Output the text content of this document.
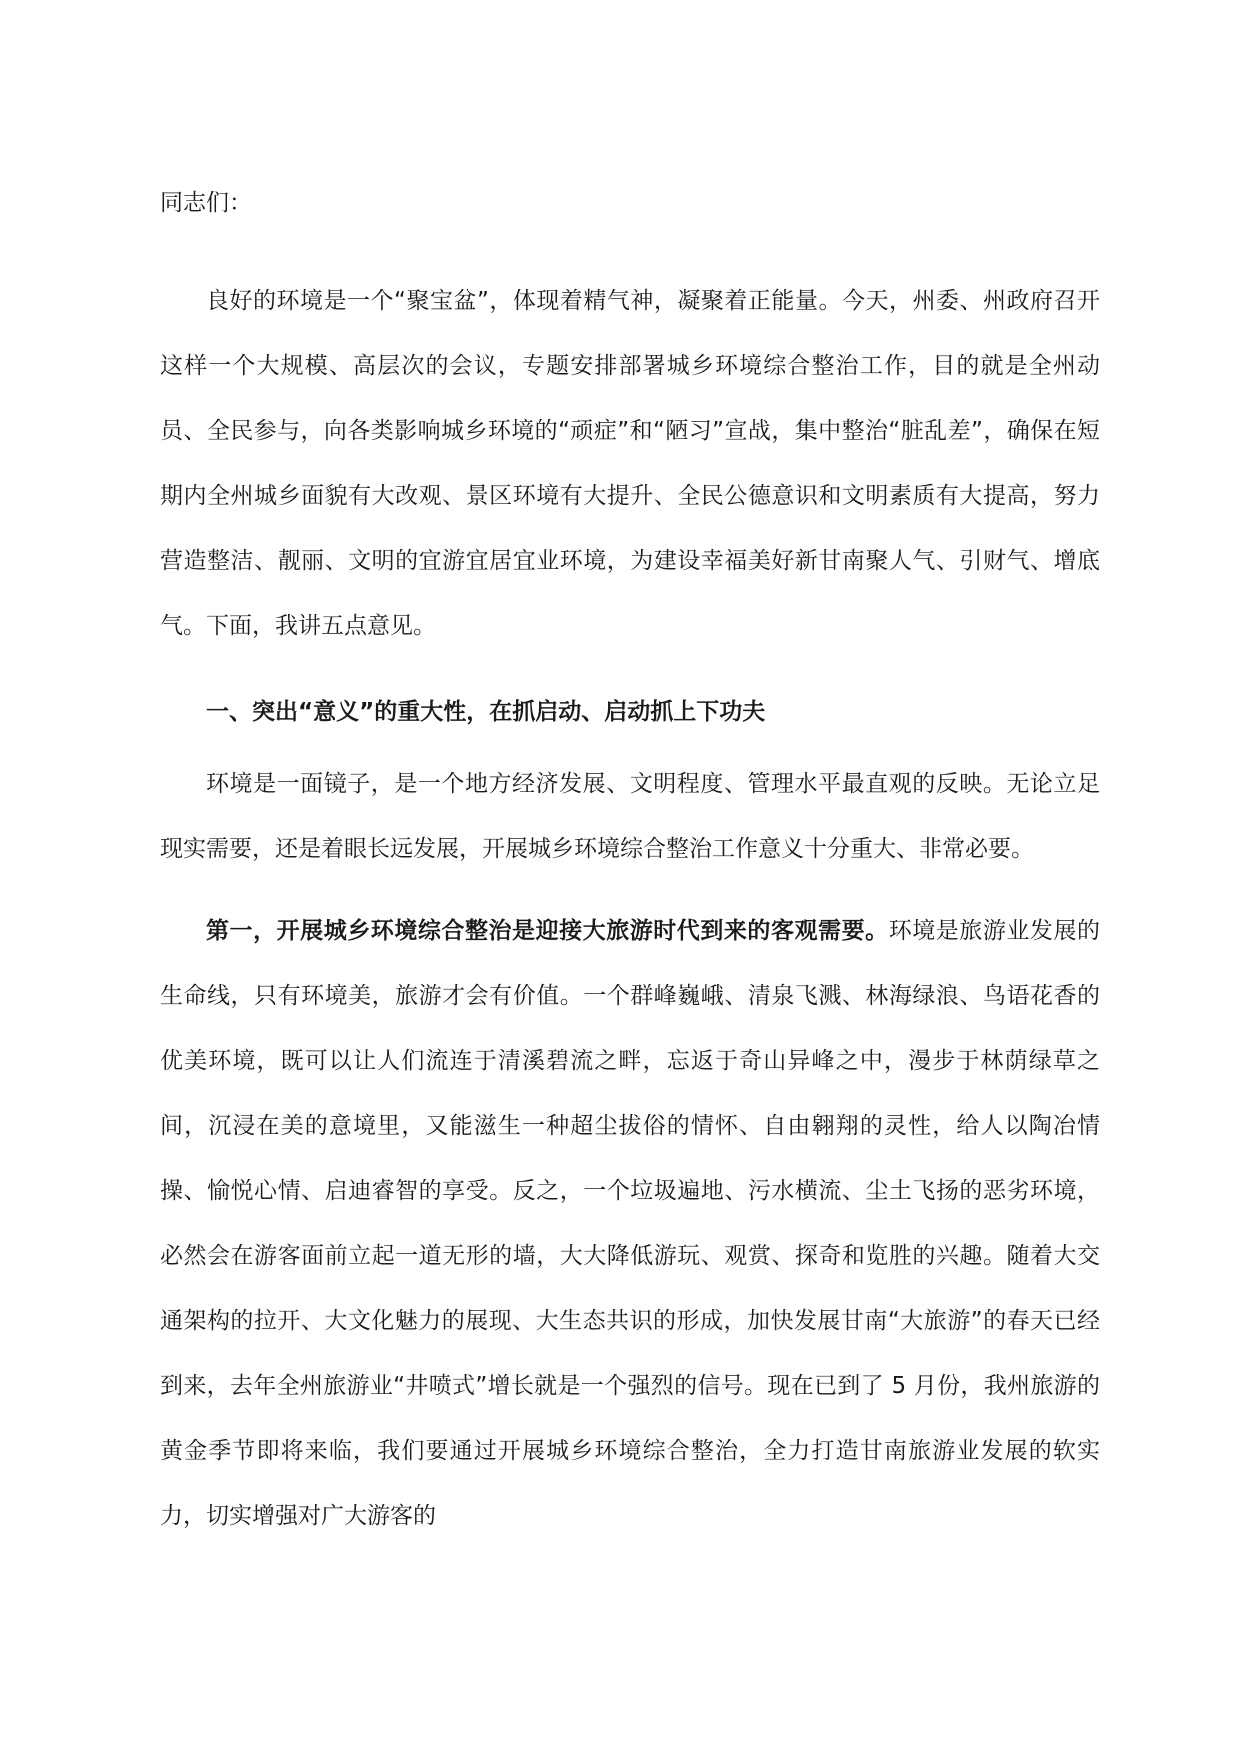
同志们：

良好的环境是一个“聚宝盆”，体现着精气神，凝聚着正能量。今天，州委、州政府召开这样一个大规模、高层次的会议，专题安排部署城乡环境综合整治工作，目的就是全州动员、全民参与，向各类影响城乡环境的“顽症”和“陋习”宣战，集中整治“脏乱差”，确保在短期内全州城乡面貌有大改观、景区环境有大提升、全民公德意识和文明素质有大提高，努力营造整洁、靓丽、文明的宜游宜居宜业环境，为建设幸福美好新甘南聚人气、引财气、增底气。下面，我讲五点意见。

一、突出“意义”的重大性，在抓启动、启动抓上下功夫

环境是一面镜子，是一个地方经济发展、文明程度、管理水平最直观的反映。无论立足现实需要，还是着眼长远发展，开展城乡环境综合整治工作意义十分重大、非常必要。

第一，开展城乡环境综合整治是迎接大旅游时代到来的客观需要。环境是旅游业发展的生命线，只有环境美，旅游才会有价值。一个群峰巍峨、清泉飞溅、林海绿浪、鸟语花香的优美环境，既可以让人们流连于清溪碧流之畔，忘返于奇山异峰之中，漫步于林荫绿草之间，沉浸在美的意境里，又能滋生一种超尘拔俗的情怀、自由翱翔的灵性，给人以陶冶情操、愉悦心情、启迪睿智的享受。反之，一个垃圾遍地、污水横流、尘土飞扬的恶劣环境，必然会在游客面前立起一道无形的墙，大大降低游玩、观赏、探奇和览胜的兴趣。随着大交通架构的拉开、大文化魅力的展现、大生态共识的形成，加快发展甘南“大旅游”的春天已经到来，去年全州旅游业“井喷式”增长就是一个强烈的信号。现在已到了 5 月份，我州旅游的黄金季节即将来临，我们要通过开展城乡环境综合整治，全力打造甘南旅游业发展的软实力，切实增强对广大游客的
